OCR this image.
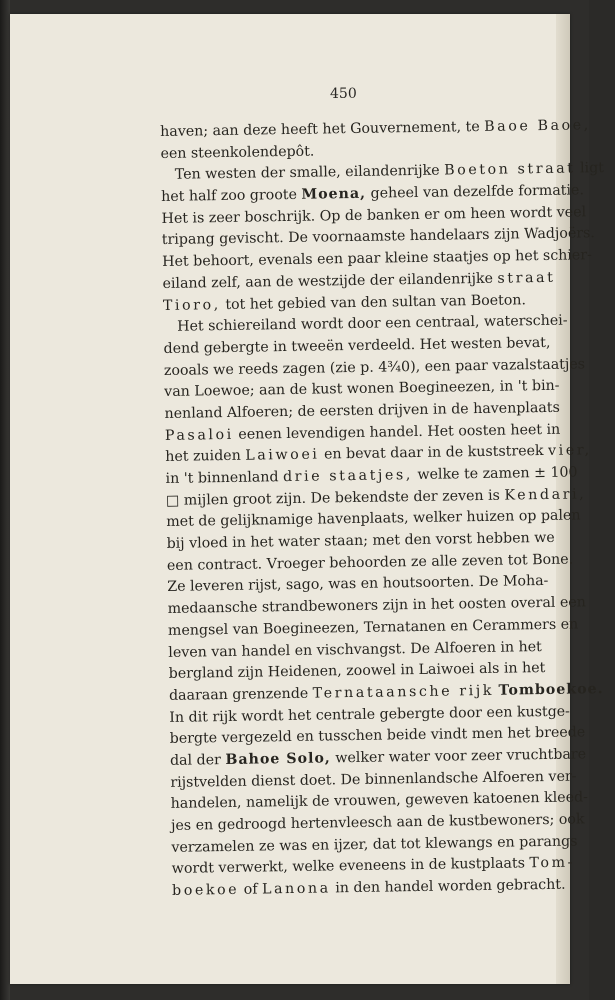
450
haven; aan deze heeft het Gouvernement, te Baoe Baoe,
een steenkolendepôt.
Ten westen der smalle, eilandenrijke Boeton straat ligt
het half zoo groote Moena, geheel van dezelfde formatie.
Het is zeer boschrijk. Op de banken er om heen wordt veel
tripang gevischt. De voornaamste handelaars zijn Wadjoërs.
Het behoort, evenals een paar kleine staatjes op het schier-
eiland zelf, aan de westzijde der eilandenrijke straat
Tioro, tot het gebied van den sultan van Boeton.
Het schiereiland wordt door een centraal, waterschei-
dend gebergte in tweeën verdeeld. Het westen bevat,
zooals we reeds zagen (zie p. 4¾0), een paar vazalstaatjes
van Loewoe; aan de kust wonen Boegineezen, in 't bin-
nenland Alfoeren; de eersten drijven in de havenplaats
Pasaloi eenen levendigen handel. Het oosten heet in
het zuiden Laiwoei en bevat daar in de kuststreek vier,
in 't binnenland drie staatjes, welke te zamen ± 100
□ mijlen groot zijn. De bekendste der zeven is Kendari,
met de gelijknamige havenplaats, welker huizen op palen
bij vloed in het water staan; met den vorst hebben we
een contract. Vroeger behoorden ze alle zeven tot Bone.
Ze leveren rijst, sago, was en houtsoorten. De Moha-
medaansche strandbewoners zijn in het oosten overal een
mengsel van Boegineezen, Ternatanen en Cerammers en
leven van handel en vischvangst. De Alfoeren in het
bergland zijn Heidenen, zoowel in Laiwoei als in het
daaraan grenzende Ternataansche rijk Tomboekoe.
In dit rijk wordt het centrale gebergte door een kustge-
bergte vergezeld en tusschen beide vindt men het breede
dal der Bahoe Solo, welker water voor zeer vruchtbare
rijstvelden dienst doet. De binnenlandsche Alfoeren ver-
handelen, namelijk de vrouwen, geweven katoenen kleed-
jes en gedroogd hertenvleesch aan de kustbewoners; ook
verzamelen ze was en ijzer, dat tot klewangs en parangs
wordt verwerkt, welke eveneens in de kustplaats Tom-
boekoe of Lanona in den handel worden gebracht.
